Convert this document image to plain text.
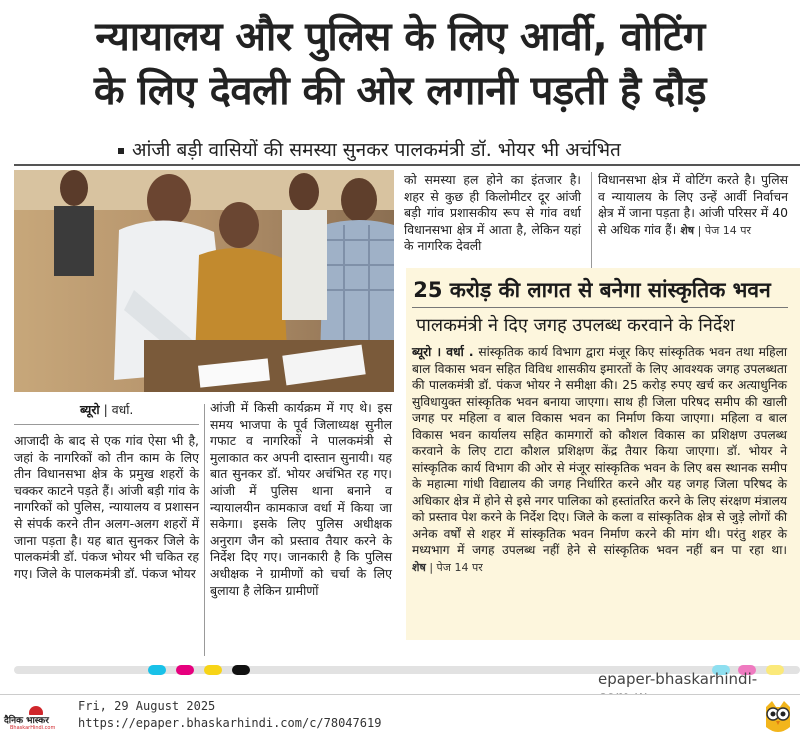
न्यायालय और पुलिस के लिए आर्वी, वोटिंग
के लिए देवली की ओर लगानी पड़ती है दौड़
आंजी बड़ी वासियों की समस्या सुनकर पालकमंत्री डॉ. भोयर भी अचंभित

को समस्या हल होने का इंतजार है। शहर से कुछ ही किलोमीटर दूर आंजी बड़ी गांव प्रशासकीय रूप से गांव वर्धा विधानसभा क्षेत्र में आता है, लेकिन यहां के नागरिक देवली

विधानसभा क्षेत्र में वोटिंग करते है। पुलिस व न्यायालय के लिए उन्हें आर्वी निर्वाचन क्षेत्र में जाना पड़ता है। आंजी परिसर में 40 से अधिक गांव हैं। शेष | पेज 14 पर

ब्यूरो | वर्धा.

आजादी के बाद से एक गांव ऐसा भी है, जहां के नागरिकों को तीन काम के लिए तीन विधानसभा क्षेत्र के प्रमुख शहरों के चक्कर काटने पड़ते हैं। आंजी बड़ी गांव के नागरिकों को पुलिस, न्यायालय व प्रशासन से संपर्क करने तीन अलग-अलग शहरों में जाना पड़ता है। यह बात सुनकर जिले के पालकमंत्री डॉ. पंकज भोयर भी चकित रह गए। जिले के पालकमंत्री डॉ. पंकज भोयर

आंजी में किसी कार्यक्रम में गए थे। इस समय भाजपा के पूर्व जिलाध्यक्ष सुनील गफाट व नागरिकों ने पालकमंत्री से मुलाकात कर अपनी दास्तान सुनायी। यह बात सुनकर डॉ. भोयर अचंभित रह गए। आंजी में पुलिस थाना बनाने व न्यायालयीन कामकाज वर्धा में किया जा सकेगा। इसके लिए पुलिस अधीक्षक अनुराग जैन को प्रस्ताव तैयार करने के निर्देश दिए गए। जानकारी है कि पुलिस अधीक्षक ने ग्रामीणों को चर्चा के लिए बुलाया है लेकिन ग्रामीणों

25 करोड़ की लागत से बनेगा सांस्कृतिक भवन
पालकमंत्री ने दिए जगह उपलब्ध करवाने के निर्देश

ब्यूरो । वर्धा . सांस्कृतिक कार्य विभाग द्वारा मंजूर किए सांस्कृतिक भवन तथा महिला बाल विकास भवन सहित विविध शासकीय इमारतों के लिए आवश्यक जगह उपलब्धता की पालकमंत्री डॉ. पंकज भोयर ने समीक्षा की। 25 करोड़ रुपए खर्च कर अत्याधुनिक सुविधायुक्त सांस्कृतिक भवन बनाया जाएगा। साथ ही जिला परिषद समीप की खाली जगह पर महिला व बाल विकास भवन का निर्माण किया जाएगा। महिला व बाल विकास भवन कार्यालय सहित कामगारों को कौशल विकास का प्रशिक्षण उपलब्ध करवाने के लिए टाटा कौशल प्रशिक्षण केंद्र तैयार किया जाएगा। डॉ. भोयर ने सांस्कृतिक कार्य विभाग की ओर से मंजूर सांस्कृतिक भवन के लिए बस स्थानक समीप के महात्मा गांधी विद्यालय की जगह निर्धारित करने और यह जगह जिला परिषद के अधिकार क्षेत्र में होने से इसे नगर पालिका को हस्तांतरित करने के लिए संरक्षण मंत्रालय को प्रस्ताव पेश करने के निर्देश दिए। जिले के कला व सांस्कृतिक क्षेत्र से जुड़े लोगों की अनेक वर्षों से शहर में सांस्कृतिक भवन निर्माण करने की मांग थी। परंतु शहर के मध्यभाग में जगह उपलब्ध नहीं हेने से सांस्कृतिक भवन नहीं बन पा रहा था। शेष | पेज 14 पर

epaper-bhaskarhindi-
दैनिक भास्कर
BhaskarHindi.com
Fri, 29 August 2025
https://epaper.bhaskarhindi.com/c/78047619
